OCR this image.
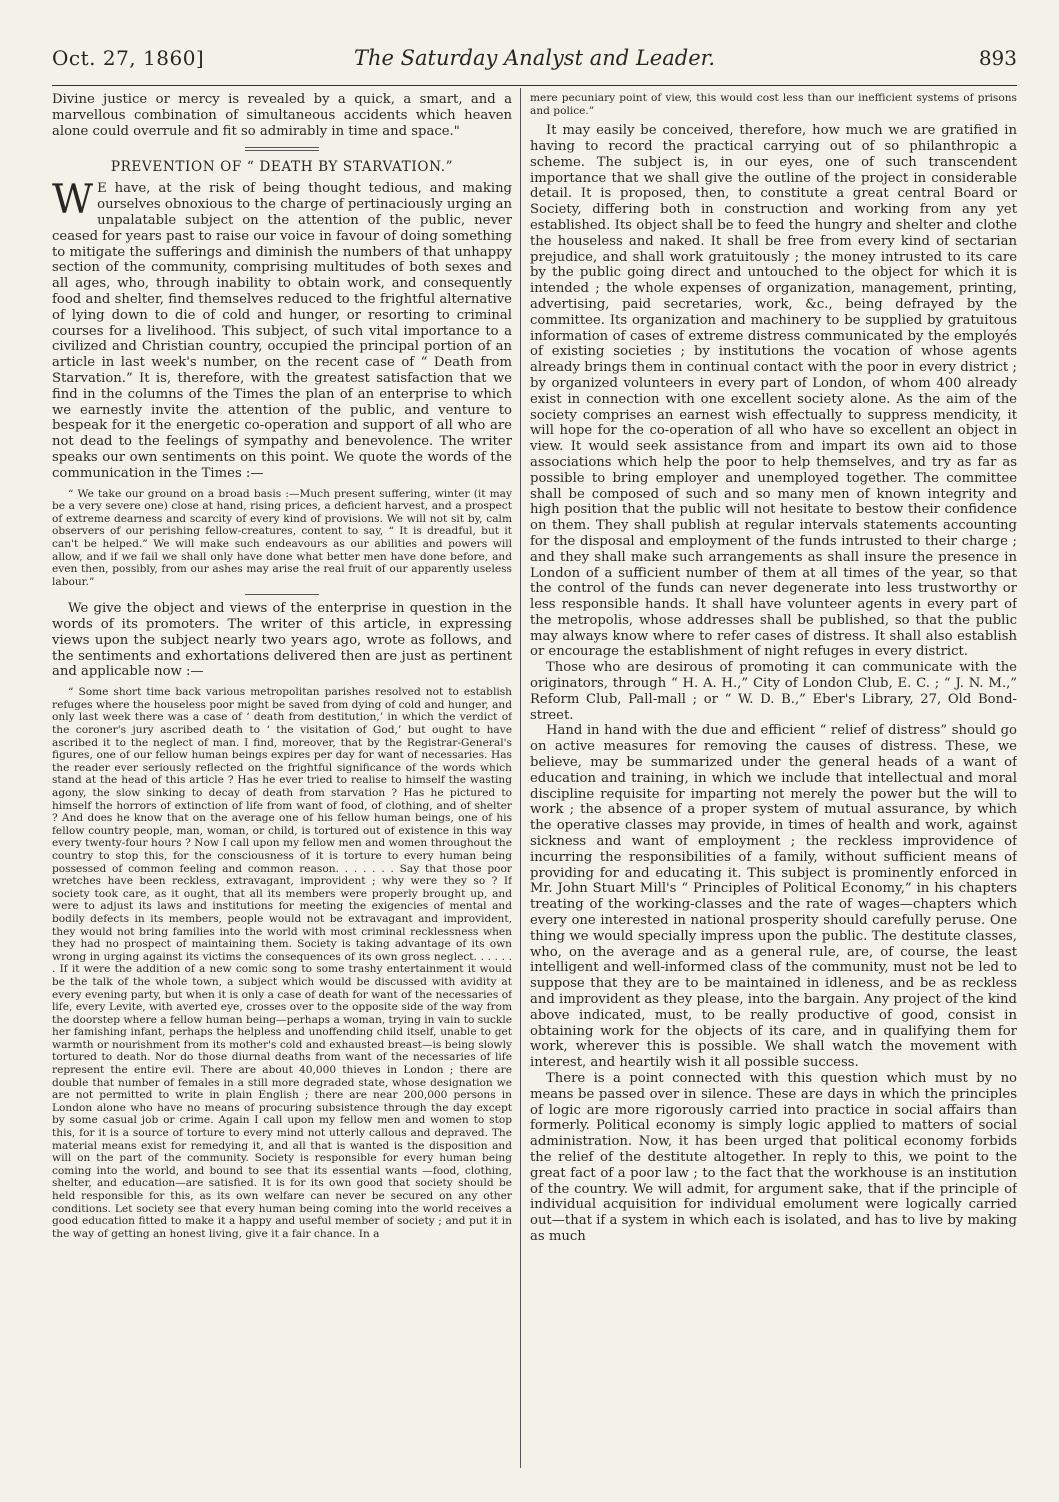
Oct. 27, 1860]	The Saturday Analyst and Leader.	893

Divine justice or mercy is revealed by a quick, a smart, and a marvellous combination of simultaneous accidents which heaven alone could overrule and fit so admirably in time and space."

PREVENTION OF “ DEATH BY STARVATION.”

W E have, at the risk of being thought tedious, and making ourselves obnoxious to the charge of pertinaciously urging an unpalatable subject on the attention of the public, never ceased for years past to raise our voice in favour of doing something to mitigate the sufferings and diminish the numbers of that unhappy section of the community, comprising multitudes of both sexes and all ages, who, through inability to obtain work, and consequently food and shelter, find themselves reduced to the frightful alternative of lying down to die of cold and hunger, or resorting to criminal courses for a livelihood. This subject, of such vital importance to a civilized and Christian country, occupied the principal portion of an article in last week's number, on the recent case of “ Death from Starvation.” It is, therefore, with the greatest satisfaction that we find in the columns of the Times the plan of an enterprise to which we earnestly invite the attention of the public, and venture to bespeak for it the energetic co-operation and support of all who are not dead to the feelings of sympathy and benevolence. The writer speaks our own sentiments on this point. We quote the words of the communication in the Times :—

“ We take our ground on a broad basis :—Much present suffering, winter (it may be a very severe one) close at hand, rising prices, a deficient harvest, and a prospect of extreme dearness and scarcity of every kind of provisions. We will not sit by, calm observers of our perishing fellow-creatures, content to say, “ It is dreadful, but it can't be helped.” We will make such endeavours as our abilities and powers will allow, and if we fail we shall only have done what better men have done before, and even then, possibly, from our ashes may arise the real fruit of our apparently useless labour.”

We give the object and views of the enterprise in question in the words of its promoters. The writer of this article, in expressing views upon the subject nearly two years ago, wrote as follows, and the sentiments and exhortations delivered then are just as pertinent and applicable now :—

“ Some short time back various metropolitan parishes resolved not to establish refuges where the houseless poor might be saved from dying of cold and hunger, and only last week there was a case of ‘ death from destitution,’ in which the verdict of the coroner's jury ascribed death to ‘ the visitation of God,’ but ought to have ascribed it to the neglect of man. I find, moreover, that by the Registrar-General's figures, one of our fellow human beings expires per day for want of necessaries. Has the reader ever seriously reflected on the frightful significance of the words which stand at the head of this article ? Has he ever tried to realise to himself the wasting agony, the slow sinking to decay of death from starvation ? Has he pictured to himself the horrors of extinction of life from want of food, of clothing, and of shelter ? And does he know that on the average one of his fellow human beings, one of his fellow country people, man, woman, or child, is tortured out of existence in this way every twenty-four hours ? Now I call upon my fellow men and women throughout the country to stop this, for the consciousness of it is torture to every human being possessed of common feeling and common reason. . . . . . . Say that those poor wretches have been reckless, extravagant, improvident ; why were they so ? If society took care, as it ought, that all its members were properly brought up, and were to adjust its laws and institutions for meeting the exigencies of mental and bodily defects in its members, people would not be extravagant and improvident, they would not bring families into the world with most criminal recklessness when they had no prospect of maintaining them. Society is taking advantage of its own wrong in urging against its victims the consequences of its own gross neglect. . . . . . . If it were the addition of a new comic song to some trashy entertainment it would be the talk of the whole town, a subject which would be discussed with avidity at every evening party, but when it is only a case of death for want of the necessaries of life, every Levite, with averted eye, crosses over to the opposite side of the way from the doorstep where a fellow human being—perhaps a woman, trying in vain to suckle her famishing infant, perhaps the helpless and unoffending child itself, unable to get warmth or nourishment from its mother's cold and exhausted breast—is being slowly tortured to death. Nor do those diurnal deaths from want of the necessaries of life represent the entire evil. There are about 40,000 thieves in London ; there are double that number of females in a still more degraded state, whose designation we are not permitted to write in plain English ; there are near 200,000 persons in London alone who have no means of procuring subsistence through the day except by some casual job or crime. Again I call upon my fellow men and women to stop this, for it is a source of torture to every mind not utterly callous and depraved. The material means exist for remedying it, and all that is wanted is the disposition and will on the part of the community. Society is responsible for every human being coming into the world, and bound to see that its essential wants —food, clothing, shelter, and education—are satisfied. It is for its own good that society should be held responsible for this, as its own welfare can never be secured on any other conditions. Let society see that every human being coming into the world receives a good education fitted to make it a happy and useful member of society ; and put it in the way of getting an honest living, give it a fair chance. In a

mere pecuniary point of view, this would cost less than our inefficient systems of prisons and police.”

It may easily be conceived, therefore, how much we are gratified in having to record the practical carrying out of so philanthropic a scheme. The subject is, in our eyes, one of such transcendent importance that we shall give the outline of the project in considerable detail. It is proposed, then, to constitute a great central Board or Society, differing both in construction and working from any yet established. Its object shall be to feed the hungry and shelter and clothe the houseless and naked. It shall be free from every kind of sectarian prejudice, and shall work gratuitously ; the money intrusted to its care by the public going direct and untouched to the object for which it is intended ; the whole expenses of organization, management, printing, advertising, paid secretaries, work, &c., being defrayed by the committee. Its organization and machinery to be supplied by gratuitous information of cases of extreme distress communicated by the employés of existing societies ; by institutions the vocation of whose agents already brings them in continual contact with the poor in every district ; by organized volunteers in every part of London, of whom 400 already exist in connection with one excellent society alone. As the aim of the society comprises an earnest wish effectually to suppress mendicity, it will hope for the co-operation of all who have so excellent an object in view. It would seek assistance from and impart its own aid to those associations which help the poor to help themselves, and try as far as possible to bring employer and unemployed together. The committee shall be composed of such and so many men of known integrity and high position that the public will not hesitate to bestow their confidence on them. They shall publish at regular intervals statements accounting for the disposal and employment of the funds intrusted to their charge ; and they shall make such arrangements as shall insure the presence in London of a sufficient number of them at all times of the year, so that the control of the funds can never degenerate into less trustworthy or less responsible hands. It shall have volunteer agents in every part of the metropolis, whose addresses shall be published, so that the public may always know where to refer cases of distress. It shall also establish or encourage the establishment of night refuges in every district.

Those who are desirous of promoting it can communicate with the originators, through “ H. A. H.,” City of London Club, E. C. ; “ J. N. M.,” Reform Club, Pall-mall ; or “ W. D. B.,” Eber's Library, 27, Old Bond-street.

Hand in hand with the due and efficient “ relief of distress” should go on active measures for removing the causes of distress. These, we believe, may be summarized under the general heads of a want of education and training, in which we include that intellectual and moral discipline requisite for imparting not merely the power but the will to work ; the absence of a proper system of mutual assurance, by which the operative classes may provide, in times of health and work, against sickness and want of employment ; the reckless improvidence of incurring the responsibilities of a family, without sufficient means of providing for and educating it. This subject is prominently enforced in Mr. John Stuart Mill's “ Principles of Political Economy,” in his chapters treating of the working-classes and the rate of wages—chapters which every one interested in national prosperity should carefully peruse. One thing we would specially impress upon the public. The destitute classes, who, on the average and as a general rule, are, of course, the least intelligent and well-informed class of the community, must not be led to suppose that they are to be maintained in idleness, and be as reckless and improvident as they please, into the bargain. Any project of the kind above indicated, must, to be really productive of good, consist in obtaining work for the objects of its care, and in qualifying them for work, wherever this is possible. We shall watch the movement with interest, and heartily wish it all possible success.

There is a point connected with this question which must by no means be passed over in silence. These are days in which the principles of logic are more rigorously carried into practice in social affairs than formerly. Political economy is simply logic applied to matters of social administration. Now, it has been urged that political economy forbids the relief of the destitute altogether. In reply to this, we point to the great fact of a poor law ; to the fact that the workhouse is an institution of the country. We will admit, for argument sake, that if the principle of individual acquisition for individual emolument were logically carried out—that if a system in which each is isolated, and has to live by making as much
